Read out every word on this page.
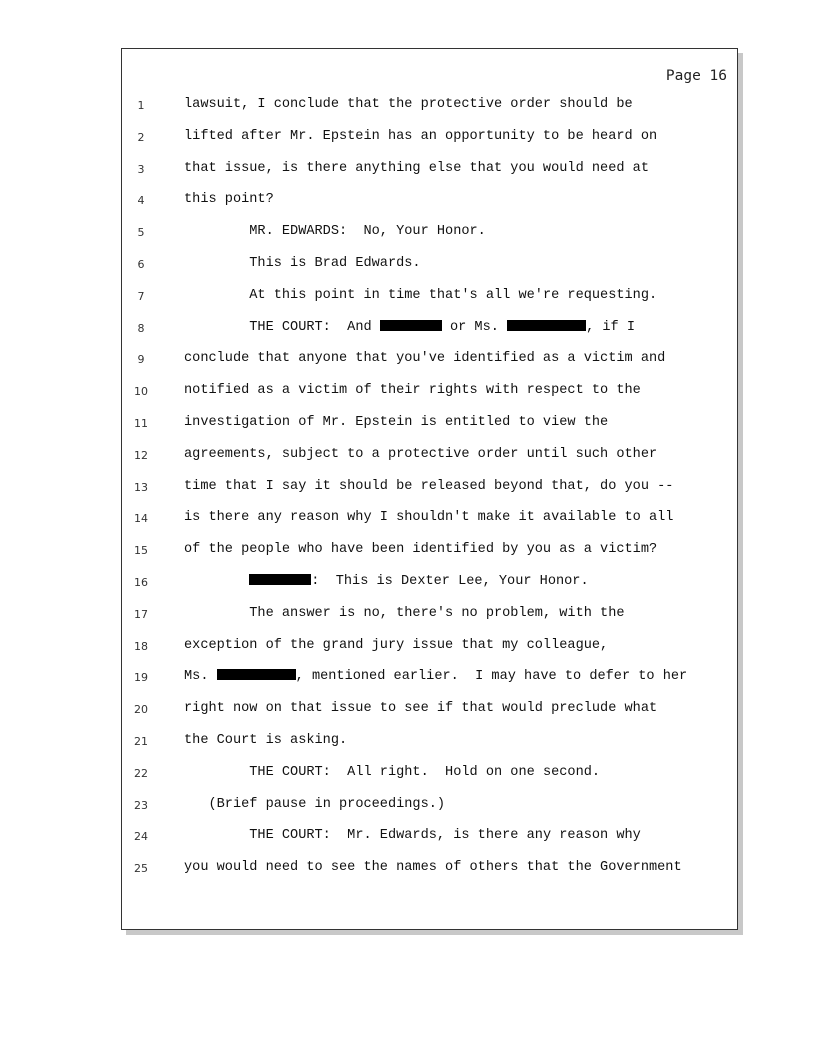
Page 16
1	lawsuit, I conclude that the protective order should be
2	lifted after Mr. Epstein has an opportunity to be heard on
3	that issue, is there anything else that you would need at
4	this point?
5	MR. EDWARDS:  No, Your Honor.
6	This is Brad Edwards.
7	At this point in time that's all we're requesting.
8	THE COURT:  And	or Ms.	, if I
9	conclude that anyone that you've identified as a victim and
10	notified as a victim of their rights with respect to the
11	investigation of Mr. Epstein is entitled to view the
12	agreements, subject to a protective order until such other
13	time that I say it should be released beyond that, do you --
14	is there any reason why I shouldn't make it available to all
15	of the people who have been identified by you as a victim?
16	:  This is Dexter Lee, Your Honor.
17	The answer is no, there's no problem, with the
18	exception of the grand jury issue that my colleague,
19	Ms.	, mentioned earlier.  I may have to defer to her
20	right now on that issue to see if that would preclude what
21	the Court is asking.
22	THE COURT:  All right.  Hold on one second.
23	(Brief pause in proceedings.)
24	THE COURT:  Mr. Edwards, is there any reason why
25	you would need to see the names of others that the Government
